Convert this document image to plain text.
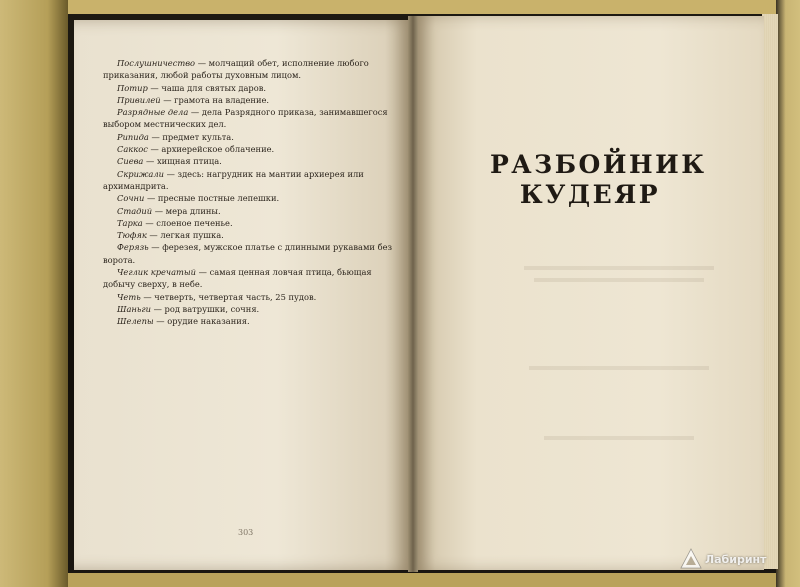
Послушничество — молчащий обет, исполнение любого приказания, любой работы духовным лицом.
Потир — чаша для святых даров.
Привилей — грамота на владение.
Разрядные дела — дела Разрядного приказа, занимавшегося выбором местнических дел.
Рипида — предмет культа.
Саккос — архиерейское облачение.
Сиева — хищная птица.
Скрижали — здесь: нагрудник на мантии архиерея или архимандрита.
Сочни — пресные постные лепешки.
Стадий — мера длины.
Тарка — слоеное печенье.
Тюфяк — легкая пушка.
Ферязь — ферезея, мужское платье с длинными рукавами без ворота.
Чеглик кречатый — самая ценная ловчая птица, бьющая добычу сверху, в небе.
Четь — четверть, четвертая часть, 25 пудов.
Шаньги — род ватрушки, сочня.
Шелепы — орудие наказания.
303
РАЗБОЙНИК
КУДЕЯР
Лабиринт
